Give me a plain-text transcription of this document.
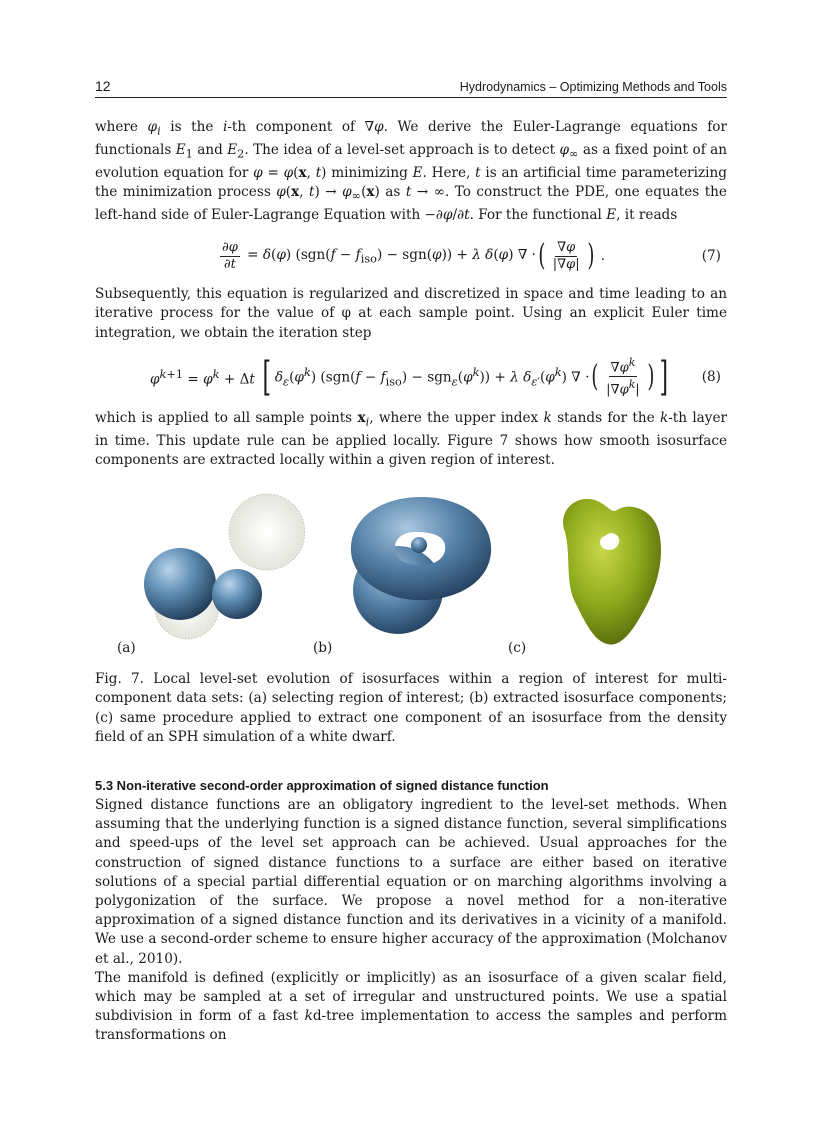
12	Hydrodynamics – Optimizing Methods and Tools

where $\varphi_i$ is the i-th component of ∇φ. We derive the Euler-Lagrange equations for functionals $E_1$ and $E_2$. The idea of a level-set approach is to detect $\varphi_\infty$ as a fixed point of an evolution equation for φ = φ(x, t) minimizing E. Here, t is an artificial time parameterizing the minimization process φ(x, $t) \to \varphi_\infty(x)$ as t → ∞. To construct the PDE, one equates the left-hand side of Euler-Lagrange Equation with −∂φ/∂t. For the functional E, it reads

$\frac{\partial\varphi}{\partial t} = \delta(\varphi) (sgn(f - f_{iso}) - sgn(\varphi)) + \lambda$ δ(φ) ∇ · ( $\frac{\nabla\varphi}{|\nabla\varphi|}$ ) .	(7)

Subsequently, this equation is regularized and discretized in space and time leading to an iterative process for the value of φ at each sample point. Using an explicit Euler time integration, we obtain the iteration step

$\varphi^{k+1} = \varphi^k + \Delta t$ [ $\delta_\varepsilon(\varphi^k) (sgn(f - f_{iso}) - sgn_\varepsilon(\varphi^k)) + \lambda$ $\delta_{\varepsilon'}(\varphi^k)$ ∇ · ( $\frac{\nabla\varphi^k}{|\nabla\varphi^k|}$ ) ] (8)

which is applied to all sample points $x_i$, where the upper index k stands for the k-th layer in time. This update rule can be applied locally. Figure 7 shows how smooth isosurface components are extracted locally within a given region of interest.

(a)	(b)	(c)

Fig. 7. Local level-set evolution of isosurfaces within a region of interest for multi-component data sets: (a) selecting region of interest; (b) extracted isosurface components; (c) same procedure applied to extract one component of an isosurface from the density field of an SPH simulation of a white dwarf.

5.3 Non-iterative second-order approximation of signed distance function

Signed distance functions are an obligatory ingredient to the level-set methods. When assuming that the underlying function is a signed distance function, several simplifications and speed-ups of the level set approach can be achieved. Usual approaches for the construction of signed distance functions to a surface are either based on iterative solutions of a special partial differential equation or on marching algorithms involving a polygonization of the surface. We propose a novel method for a non-iterative approximation of a signed distance function and its derivatives in a vicinity of a manifold. We use a second-order scheme to ensure higher accuracy of the approximation (Molchanov et al., 2010).

The manifold is defined (explicitly or implicitly) as an isosurface of a given scalar field, which may be sampled at a set of irregular and unstructured points. We use a spatial subdivision in form of a fast kd-tree implementation to access the samples and perform transformations on
